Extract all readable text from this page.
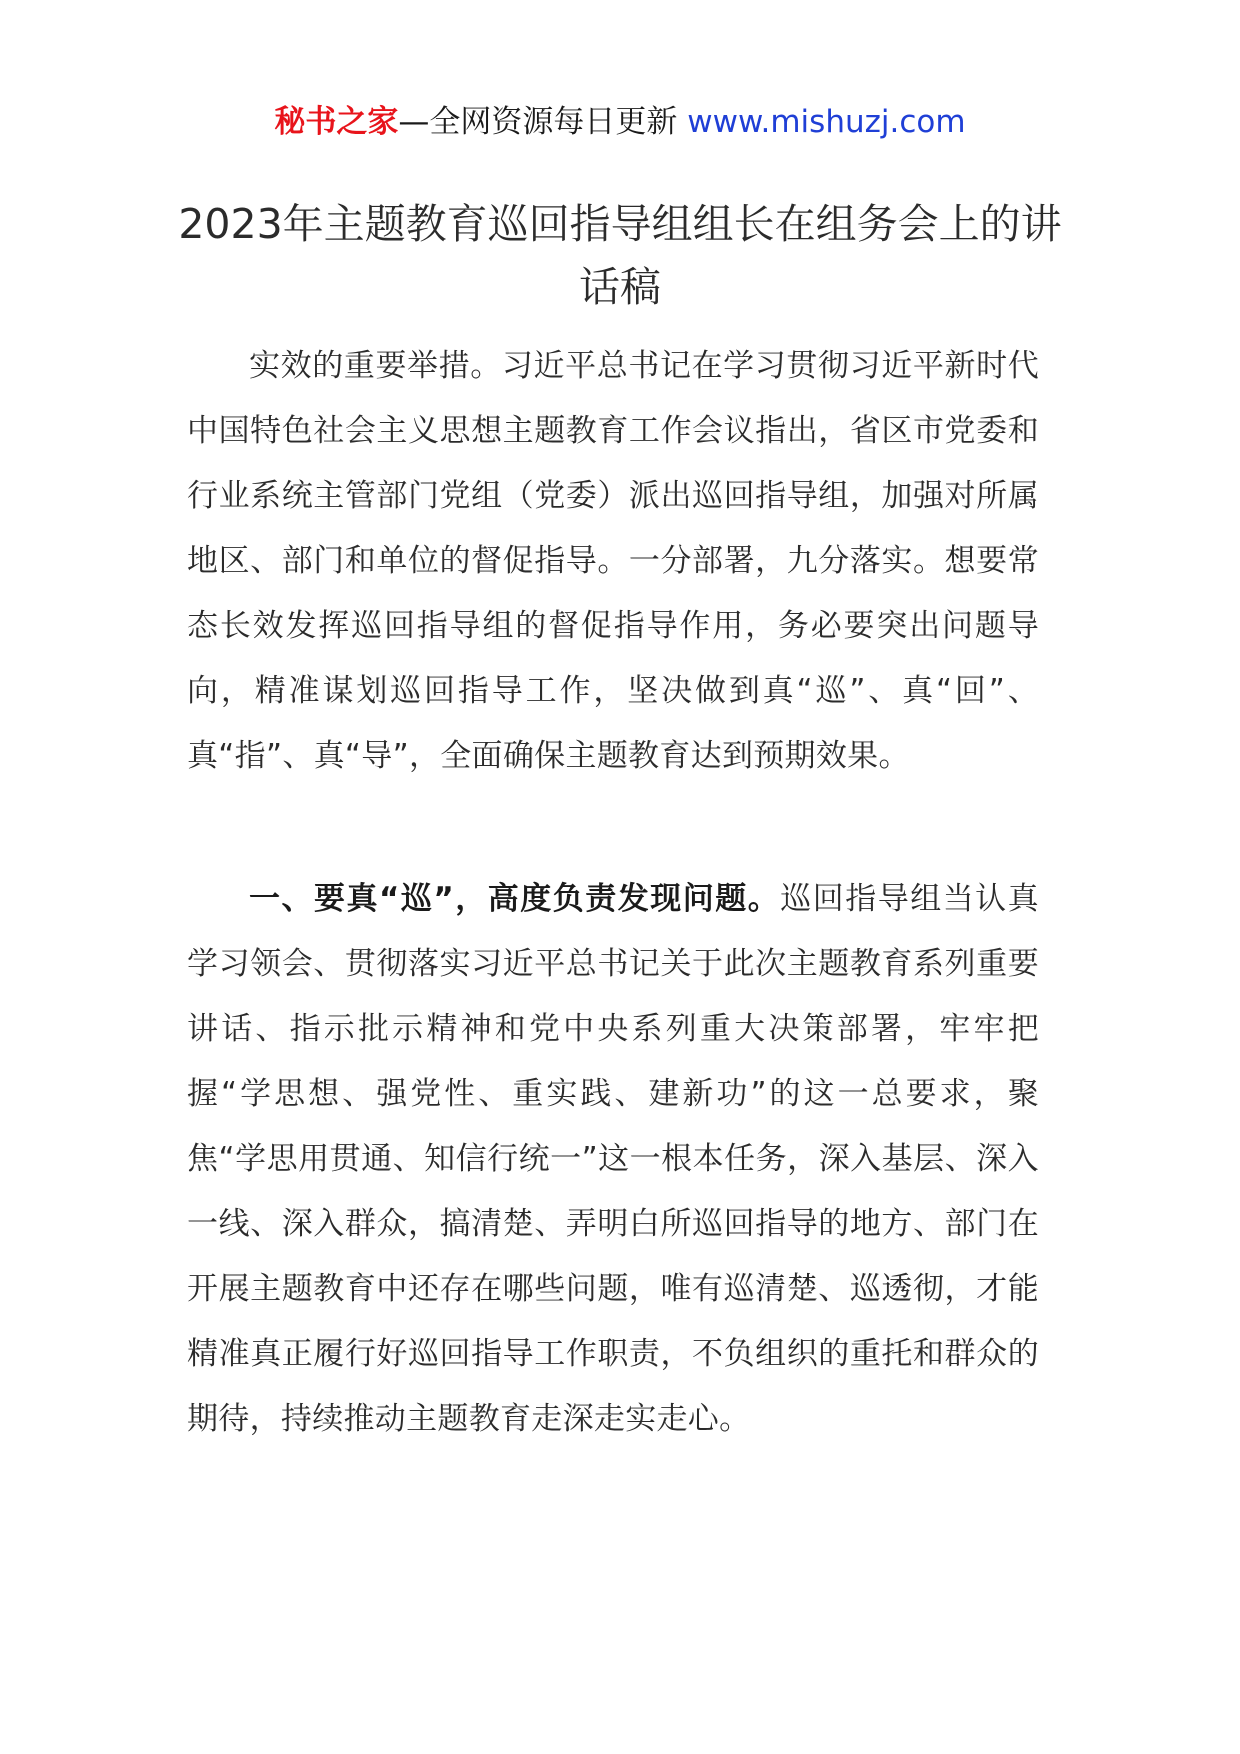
秘书之家—全网资源每日更新 www.mishuzj.com
2023年主题教育巡回指导组组长在组务会上的讲话稿

实效的重要举措。习近平总书记在学习贯彻习近平新时代中国特色社会主义思想主题教育工作会议指出，省区市党委和行业系统主管部门党组（党委）派出巡回指导组，加强对所属地区、部门和单位的督促指导。一分部署，九分落实。想要常态长效发挥巡回指导组的督促指导作用，务必要突出问题导向，精准谋划巡回指导工作，坚决做到真“巡”、真“回”、真“指”、真“导”，全面确保主题教育达到预期效果。

一、要真“巡”，高度负责发现问题。巡回指导组当认真学习领会、贯彻落实习近平总书记关于此次主题教育系列重要讲话、指示批示精神和党中央系列重大决策部署，牢牢把握“学思想、强党性、重实践、建新功”的这一总要求，聚焦“学思用贯通、知信行统一”这一根本任务，深入基层、深入一线、深入群众，搞清楚、弄明白所巡回指导的地方、部门在开展主题教育中还存在哪些问题，唯有巡清楚、巡透彻，才能精准真正履行好巡回指导工作职责，不负组织的重托和群众的期待，持续推动主题教育走深走实走心。
